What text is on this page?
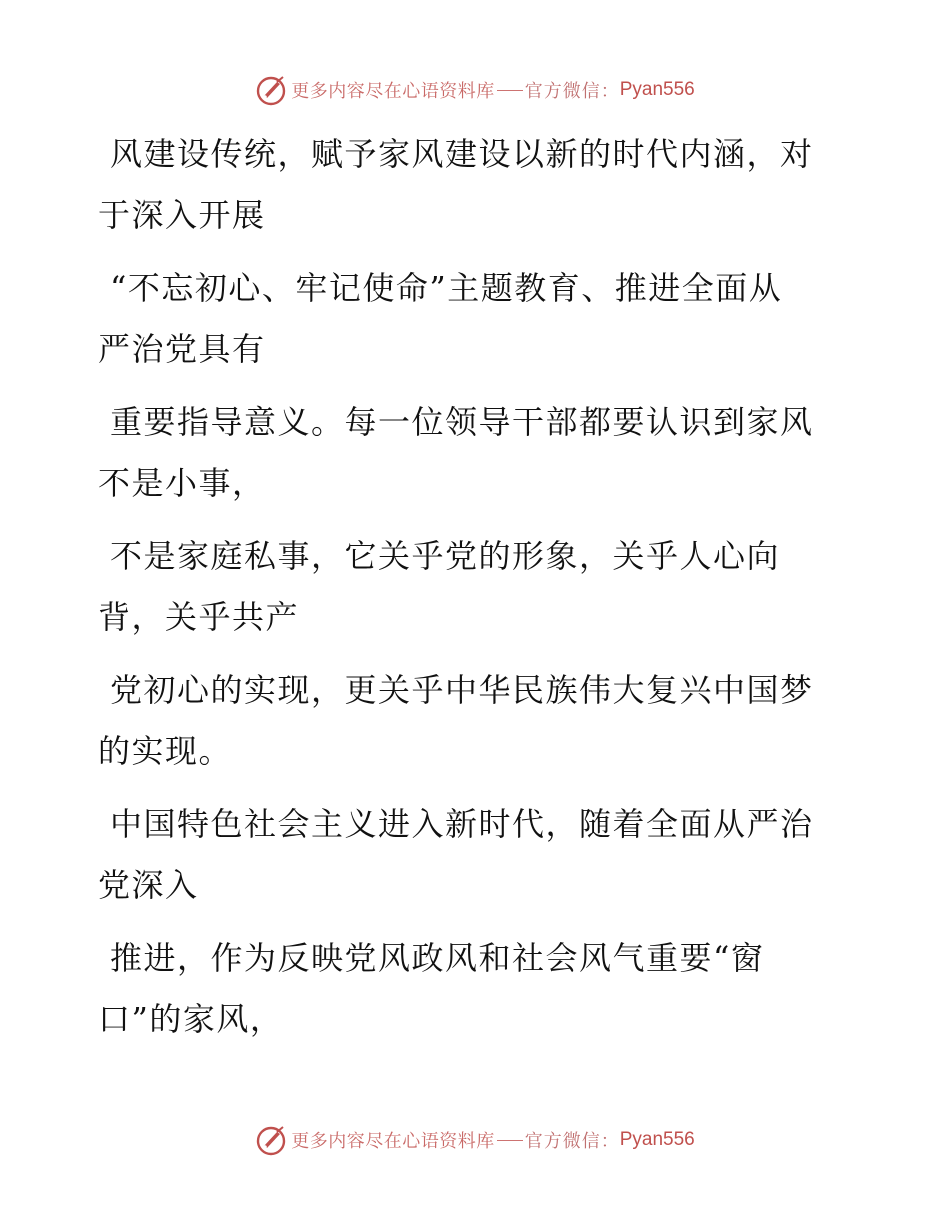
更多内容尽在心语资料库 官方微信： Pyan556

风建设传统，赋予家风建设以新的时代内涵，对
于深入开展

“不忘初心、牢记使命”主题教育、推进全面从
严治党具有

重要指导意义。每一位领导干部都要认识到家风
不是小事，

不是家庭私事，它关乎党的形象，关乎人心向
背，关乎共产

党初心的实现，更关乎中华民族伟大复兴中国梦
的实现。

中国特色社会主义进入新时代，随着全面从严治
党深入

推进，作为反映党风政风和社会风气重要“窗
口”的家风，

更多内容尽在心语资料库 官方微信： Pyan556
